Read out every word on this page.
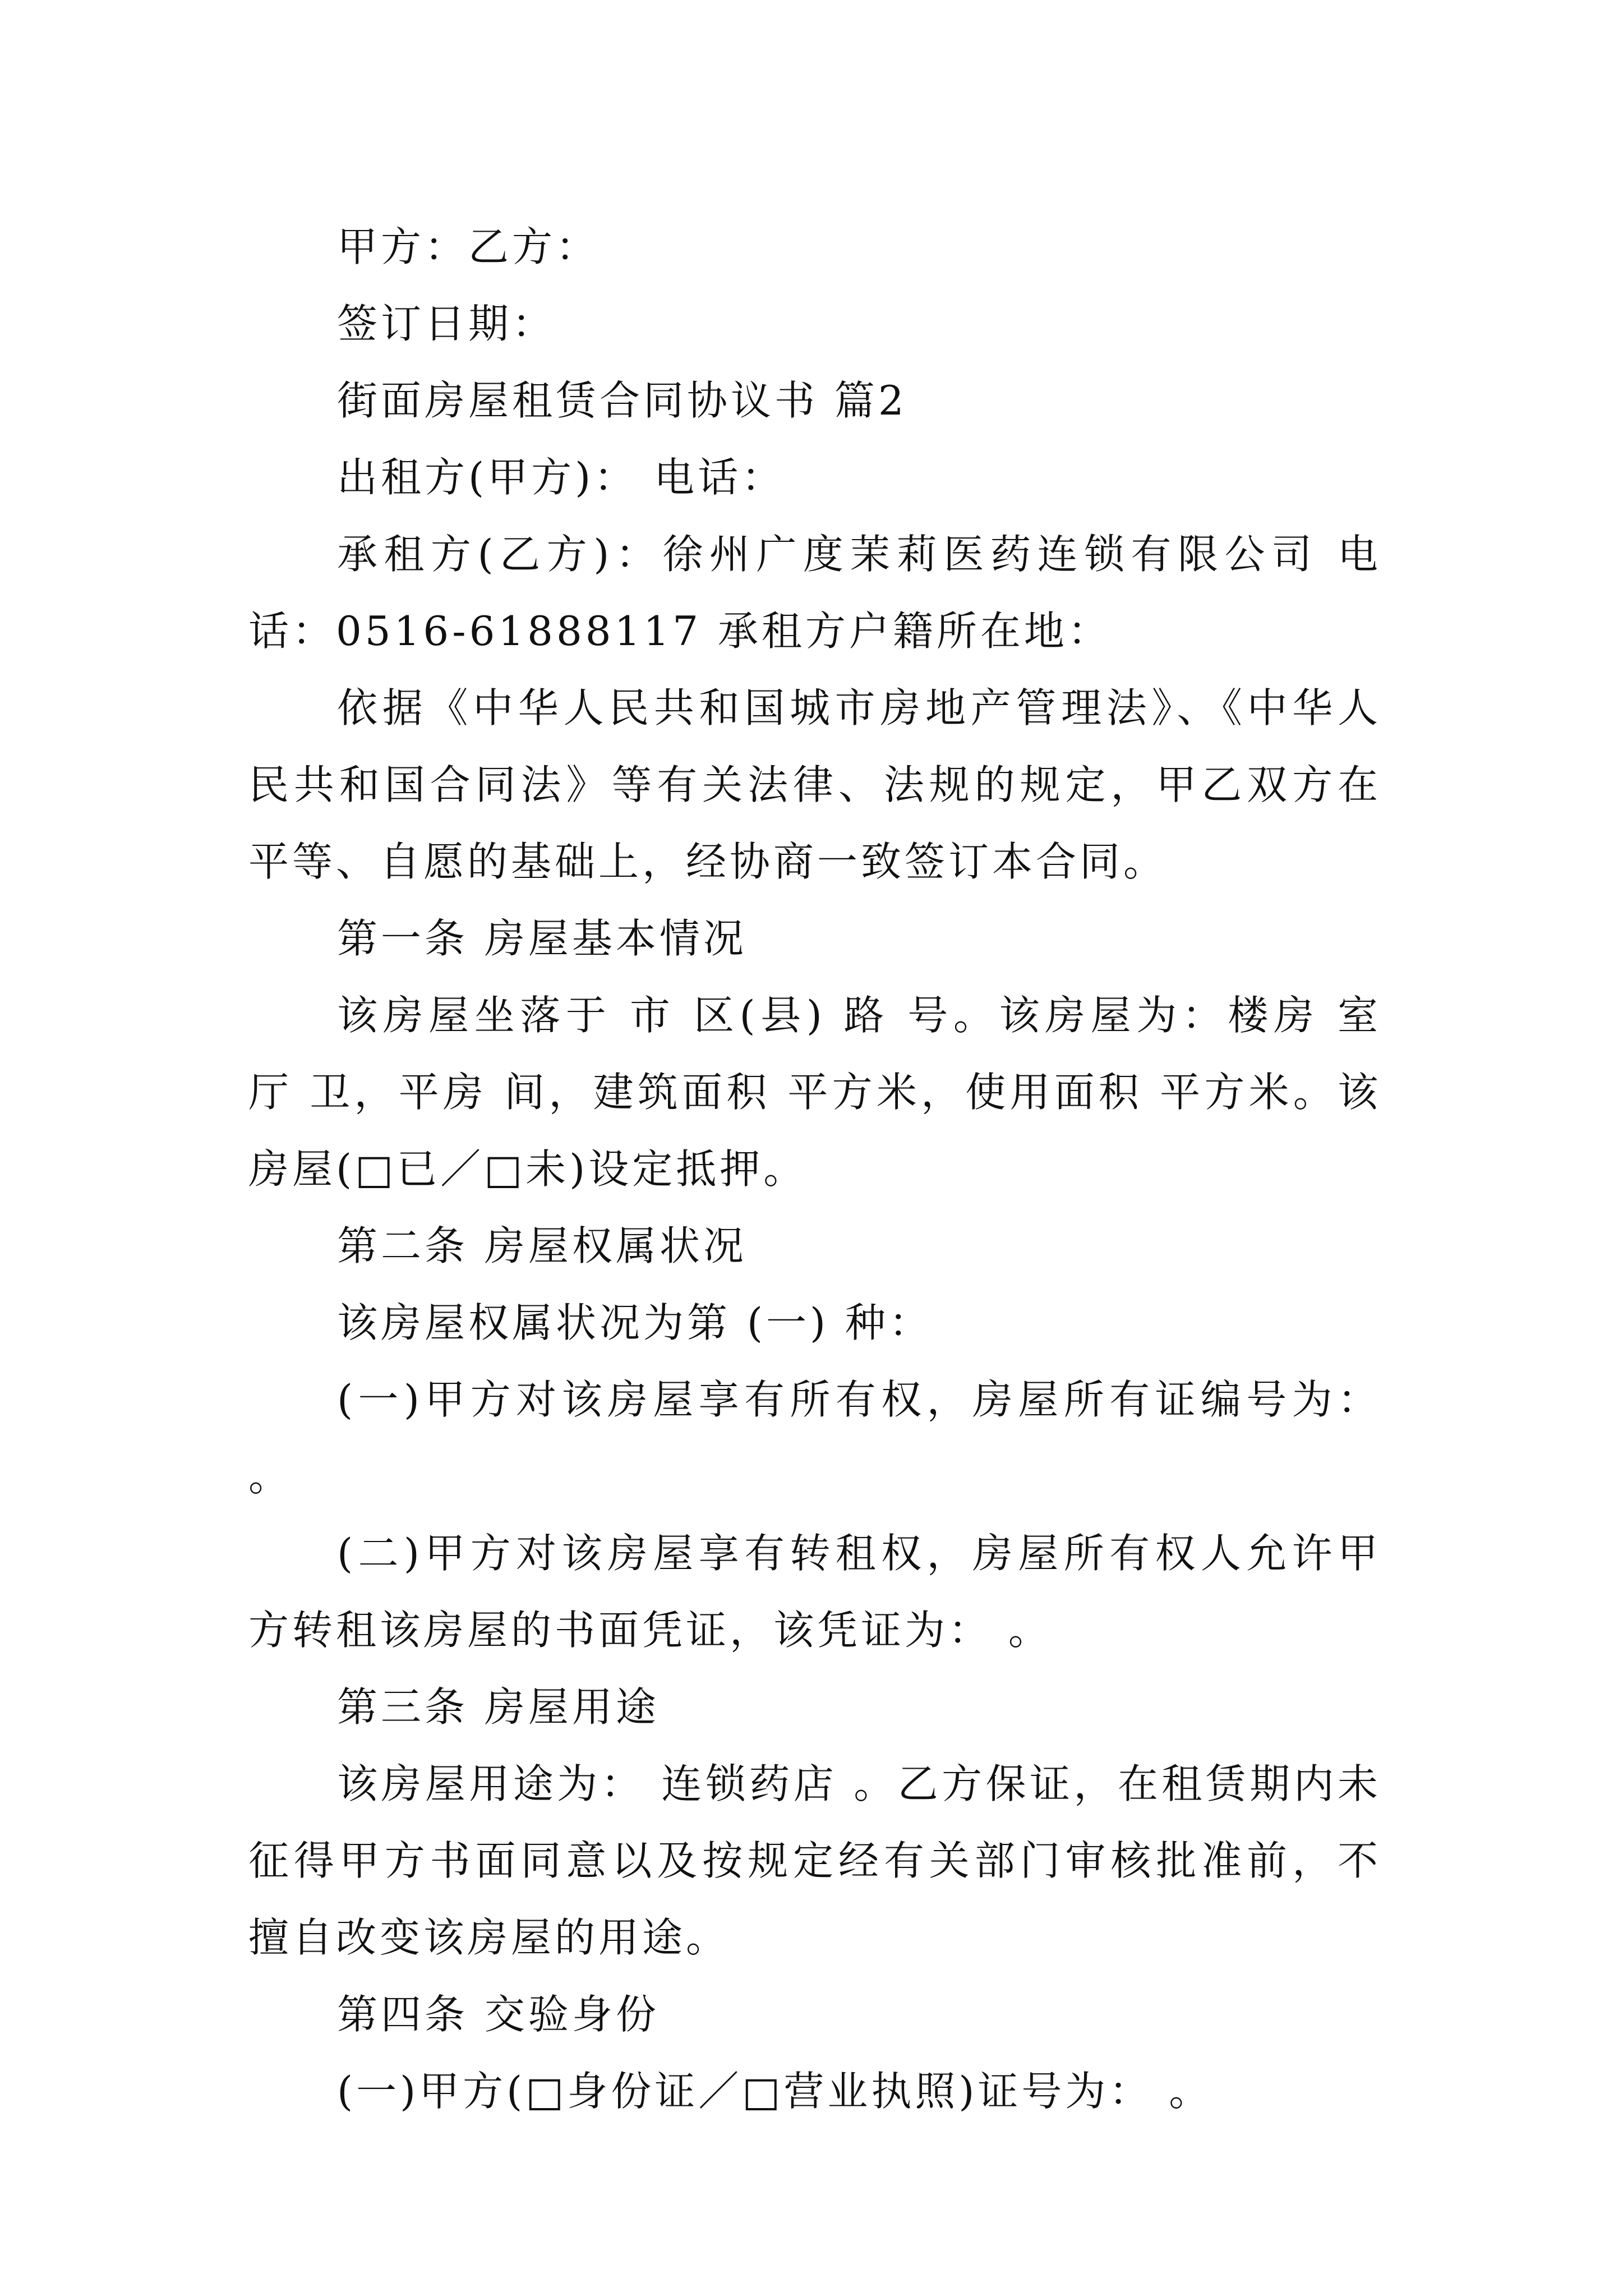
甲方：乙方：

签订日期：

街面房屋租赁合同协议书 篇2

出租方(甲方)： 电话：

承租方(乙方)：徐州广度茉莉医药连锁有限公司 电话：0516-61888117 承租方户籍所在地：

依据《中华人民共和国城市房地产管理法》、《中华人民共和国合同法》等有关法律、法规的规定，甲乙双方在平等、自愿的基础上，经协商一致签订本合同。

第一条 房屋基本情况

该房屋坐落于 市 区(县) 路 号。该房屋为：楼房 室 厅 卫，平房 间，建筑面积 平方米，使用面积 平方米。该房屋(□已／□未)设定抵押。

第二条 房屋权属状况

该房屋权属状况为第 (一) 种：

(一)甲方对该房屋享有所有权，房屋所有证编号为： 。

(二)甲方对该房屋享有转租权，房屋所有权人允许甲方转租该房屋的书面凭证，该凭证为： 。

第三条 房屋用途

该房屋用途为： 连锁药店 。乙方保证，在租赁期内未征得甲方书面同意以及按规定经有关部门审核批准前，不擅自改变该房屋的用途。

第四条 交验身份

(一)甲方(□身份证／□营业执照)证号为： 。
